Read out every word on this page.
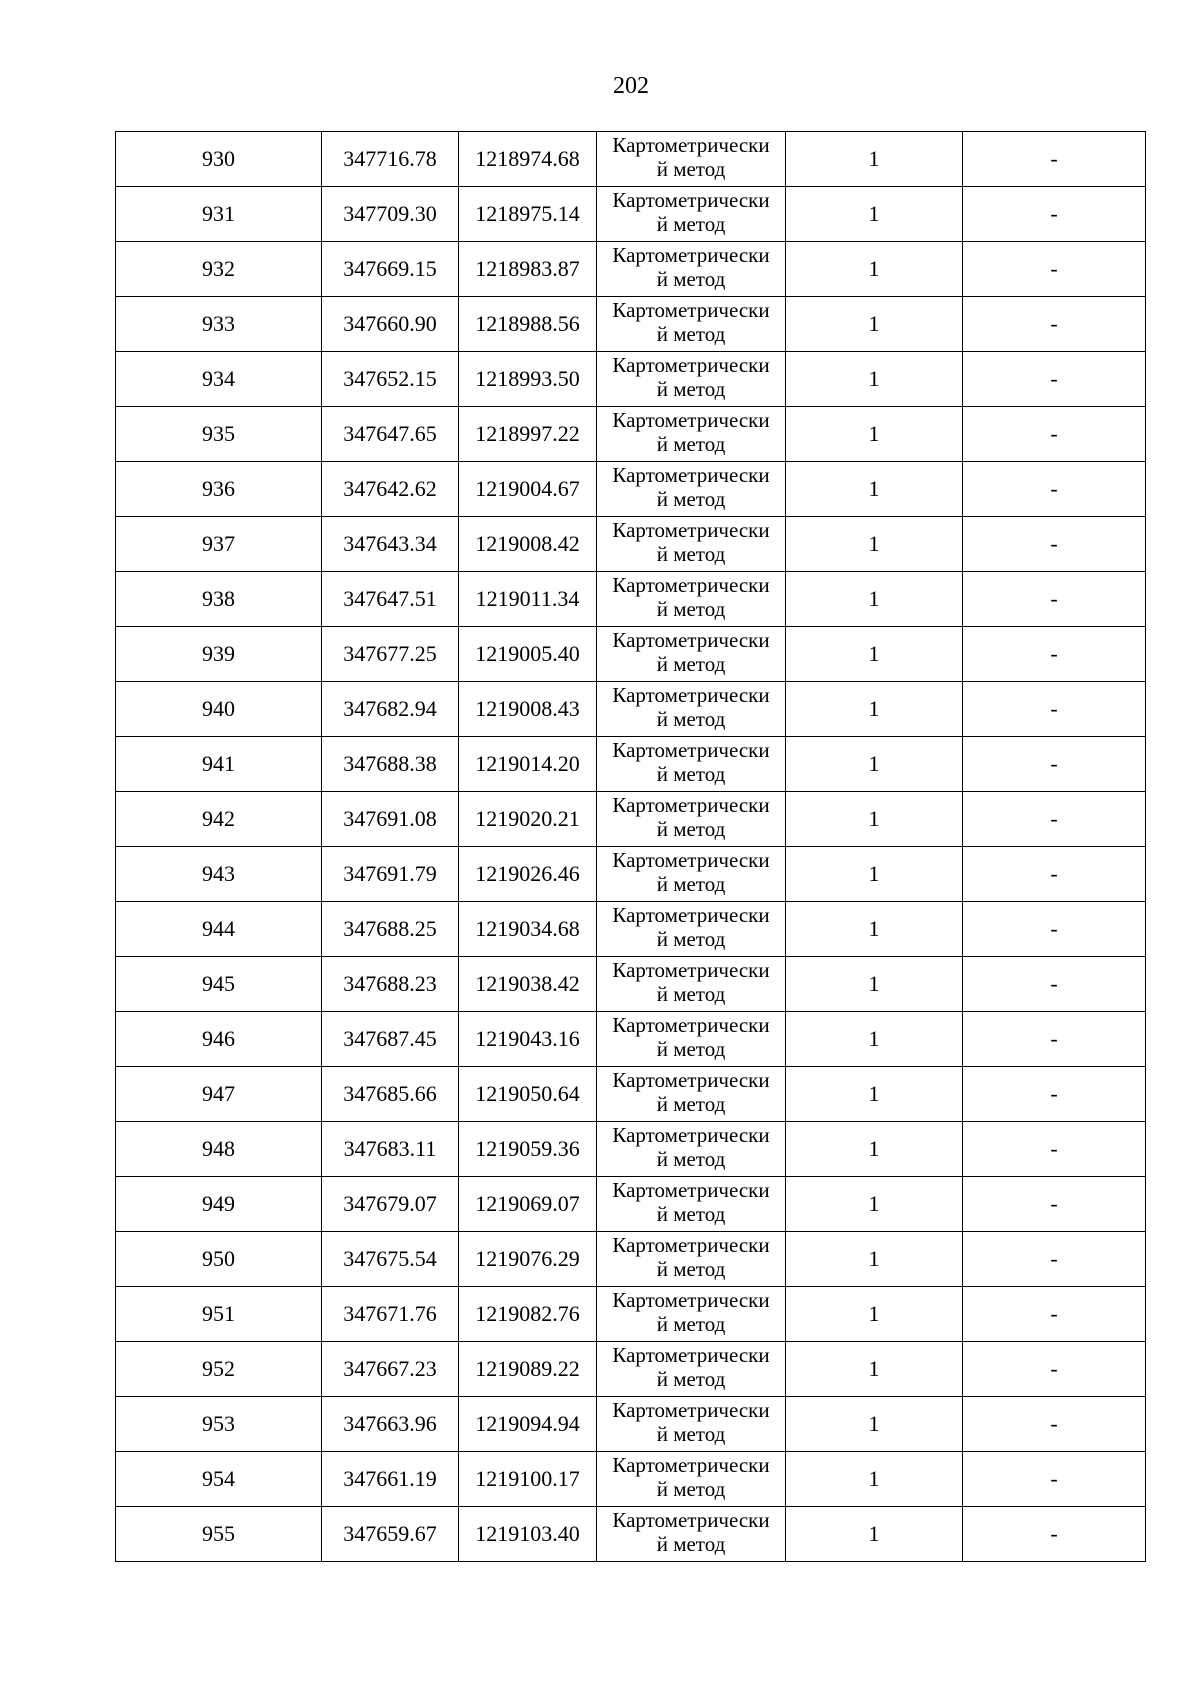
202
930	347716.78	1218974.68	Картометрически
й метод	1	-
931	347709.30	1218975.14	Картометрически
й метод	1	-
932	347669.15	1218983.87	Картометрически
й метод	1	-
933	347660.90	1218988.56	Картометрически
й метод	1	-
934	347652.15	1218993.50	Картометрически
й метод	1	-
935	347647.65	1218997.22	Картометрически
й метод	1	-
936	347642.62	1219004.67	Картометрически
й метод	1	-
937	347643.34	1219008.42	Картометрически
й метод	1	-
938	347647.51	1219011.34	Картометрически
й метод	1	-
939	347677.25	1219005.40	Картометрически
й метод	1	-
940	347682.94	1219008.43	Картометрически
й метод	1	-
941	347688.38	1219014.20	Картометрически
й метод	1	-
942	347691.08	1219020.21	Картометрически
й метод	1	-
943	347691.79	1219026.46	Картометрически
й метод	1	-
944	347688.25	1219034.68	Картометрически
й метод	1	-
945	347688.23	1219038.42	Картометрически
й метод	1	-
946	347687.45	1219043.16	Картометрически
й метод	1	-
947	347685.66	1219050.64	Картометрически
й метод	1	-
948	347683.11	1219059.36	Картометрически
й метод	1	-
949	347679.07	1219069.07	Картометрически
й метод	1	-
950	347675.54	1219076.29	Картометрически
й метод	1	-
951	347671.76	1219082.76	Картометрически
й метод	1	-
952	347667.23	1219089.22	Картометрически
й метод	1	-
953	347663.96	1219094.94	Картометрически
й метод	1	-
954	347661.19	1219100.17	Картометрически
й метод	1	-
955	347659.67	1219103.40	Картометрически
й метод	1	-
